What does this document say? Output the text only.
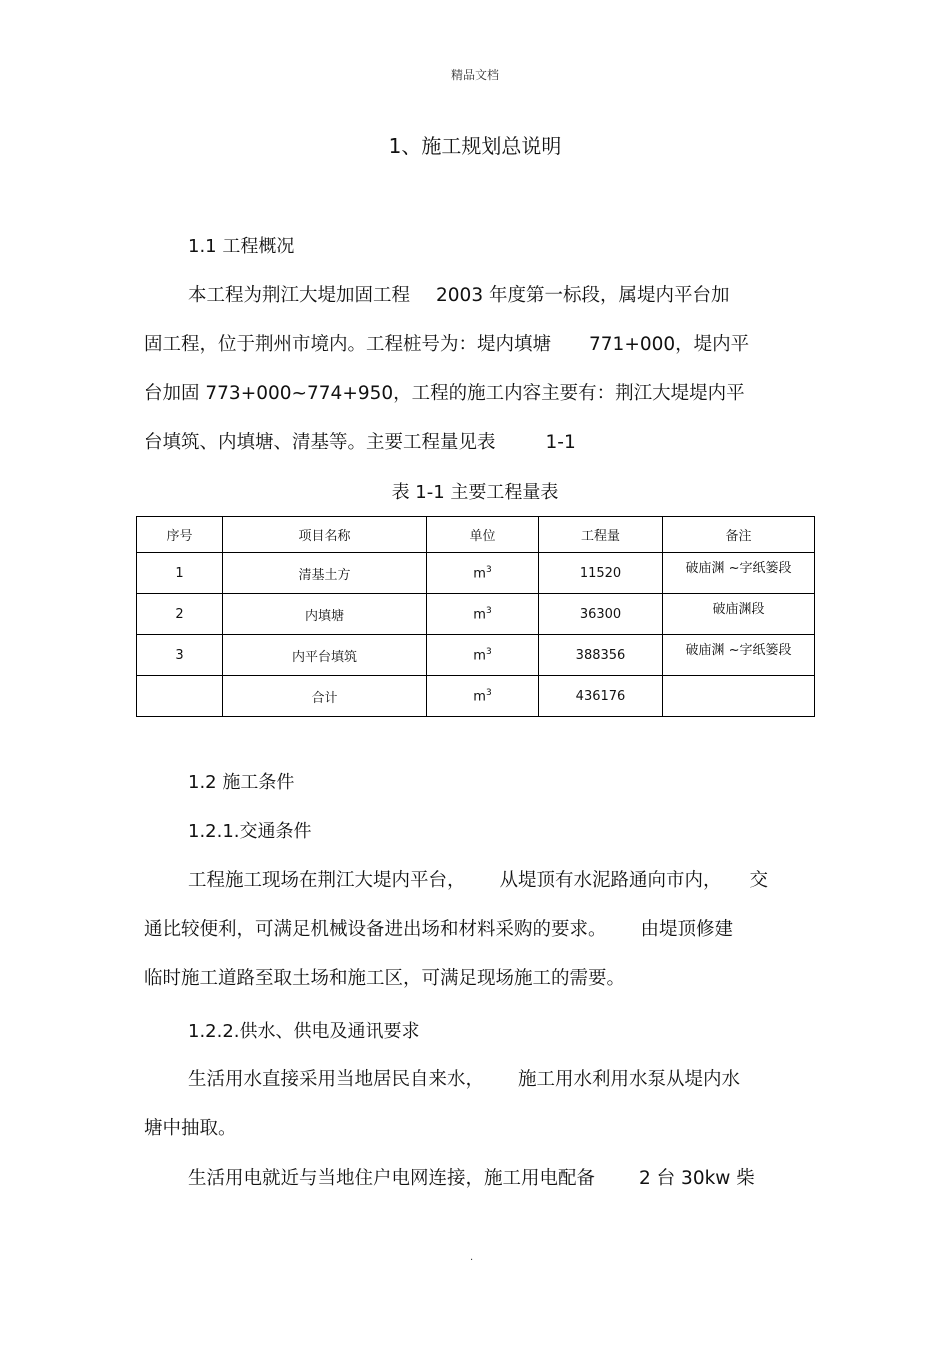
精品文档
1、施工规划总说明
1.1 工程概况
本工程为荆江大堤加固工程 2003 年度第一标段，属堤内平台加
固工程，位于荆州市境内。工程桩号为：堤内填塘 771+000，堤内平
台加固 773+000~774+950，工程的施工内容主要有：荆江大堤堤内平
台填筑、内填塘、清基等。主要工程量见表	1-1
表 1-1 主要工程量表
序号	项目名称	单位	工程量	备注
1	清基土方	$m^3$	11520	破庙渊 ~字纸篓段
2	内填塘	$m^3$	36300	破庙渊段
3	内平台填筑	$m^3$	388356	破庙渊 ~字纸篓段
	合计	$m^3$	436176	
1.2 施工条件
1.2.1.交通条件
工程施工现场在荆江大堤内平台， 从堤顶有水泥路通向市内， 交
通比较便利，可满足机械设备进出场和材料采购的要求。 由堤顶修建
临时施工道路至取土场和施工区，可满足现场施工的需要。
1.2.2.供水、供电及通讯要求
生活用水直接采用当地居民自来水， 施工用水利用水泵从堤内水
塘中抽取。
生活用电就近与当地住户电网连接，施工用电配备 2 台 30kw 柴
.
